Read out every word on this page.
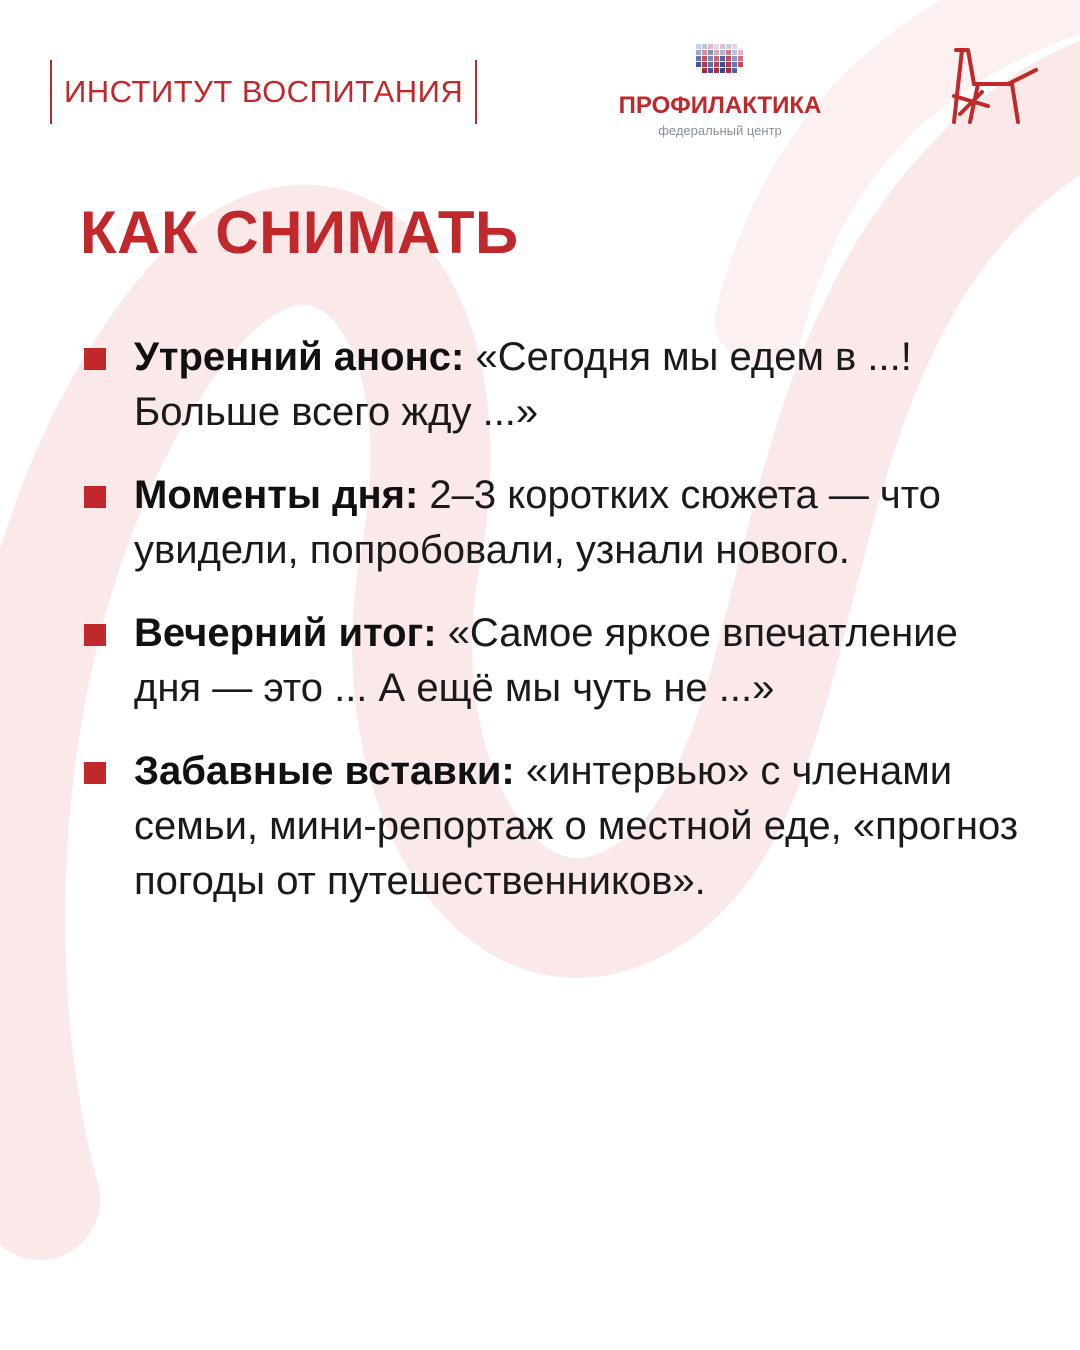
ИНСТИТУТ ВОСПИТАНИЯ	ПРОФИЛАКТИКА
федеральный центр
КАК СНИМАТЬ

Утренний анонс: «Сегодня мы едем в ...! Больше всего жду ...»

Моменты дня: 2–3 коротких сюжета — что увидели, попробовали, узнали нового.

Вечерний итог: «Самое яркое впечатление дня — это ... А ещё мы чуть не ...»

Забавные вставки: «интервью» с членами семьи, мини-репортаж о местной еде, «прогноз погоды от путешественников».
